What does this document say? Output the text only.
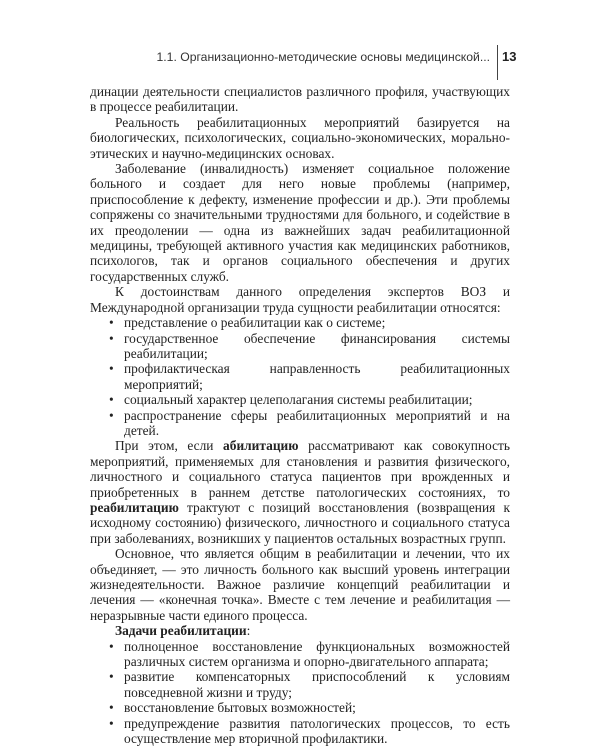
1.1. Организационно-методические основы медицинской... 13

динации деятельности специалистов различного профиля, участвующих в процессе реабилитации.

Реальность реабилитационных мероприятий базируется на биологических, психологических, социально-экономических, морально-этических и научно-медицинских основах.

Заболевание (инвалидность) изменяет социальное положение больного и создает для него новые проблемы (например, приспособление к дефекту, изменение профессии и др.). Эти проблемы сопряжены со значительными трудностями для больного, и содействие в их преодолении — одна из важнейших задач реабилитационной медицины, требующей активного участия как медицинских работников, психологов, так и органов социального обеспечения и других государственных служб.

К достоинствам данного определения экспертов ВОЗ и Международной организации труда сущности реабилитации относятся:

• представление о реабилитации как о системе;
• государственное обеспечение финансирования системы реабилитации;
• профилактическая направленность реабилитационных мероприятий;
• социальный характер целеполагания системы реабилитации;
• распространение сферы реабилитационных мероприятий и на детей.

При этом, если абилитацию рассматривают как совокупность мероприятий, применяемых для становления и развития физического, личностного и социального статуса пациентов при врожденных и приобретенных в раннем детстве патологических состояниях, то реабилитацию трактуют с позиций восстановления (возвращения к исходному состоянию) физического, личностного и социального статуса при заболеваниях, возникших у пациентов остальных возрастных групп.

Основное, что является общим в реабилитации и лечении, что их объединяет, — это личность больного как высший уровень интеграции жизнедеятельности. Важное различие концепций реабилитации и лечения — «конечная точка». Вместе с тем лечение и реабилитация — неразрывные части единого процесса.

Задачи реабилитации:

• полноценное восстановление функциональных возможностей различных систем организма и опорно-двигательного аппарата;
• развитие компенсаторных приспособлений к условиям повседневной жизни и труду;
• восстановление бытовых возможностей;
• предупреждение развития патологических процессов, то есть осуществление мер вторичной профилактики.
